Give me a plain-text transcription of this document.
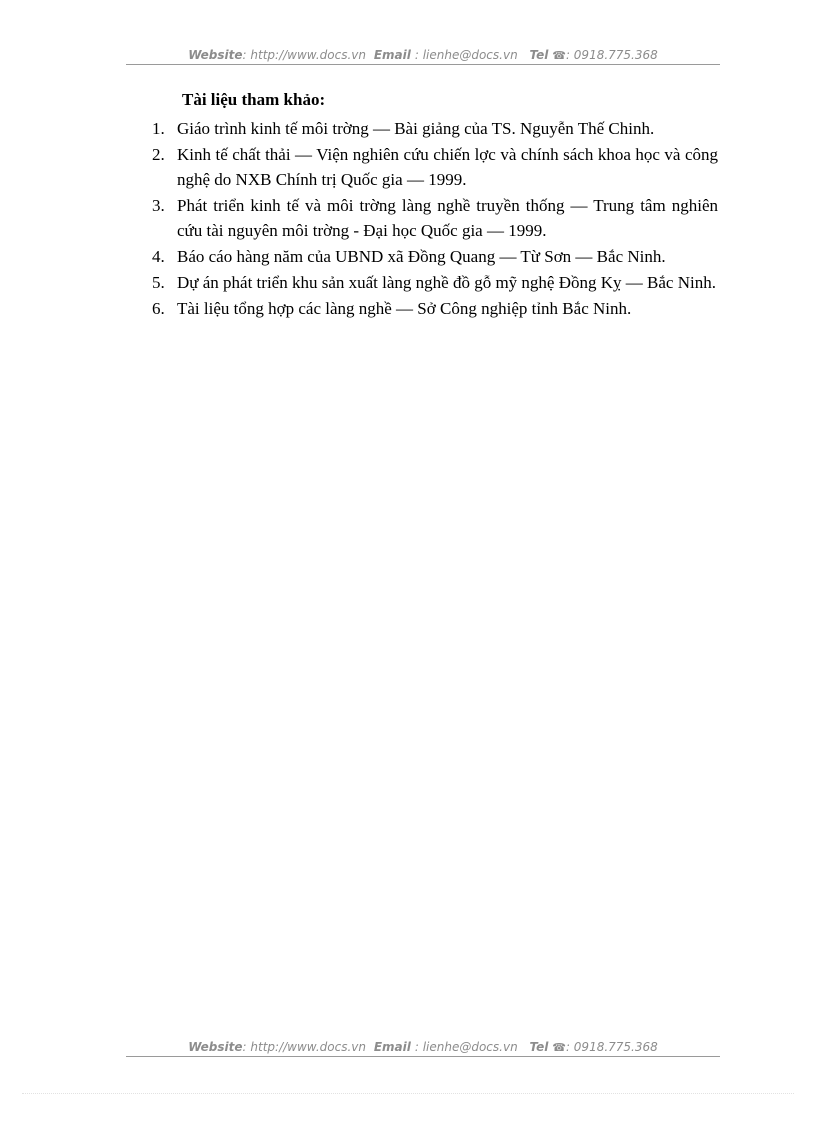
Website: http://www.docs.vn Email : lienhe@docs.vn Tel ☎: 0918.775.368
Tài liệu tham khảo:
1. Giáo trình kinh tế môi trờng — Bài giảng của TS. Nguyễn Thế Chinh.
2. Kinh tế chất thải — Viện nghiên cứu chiến lợc và chính sách khoa học và công nghệ do NXB Chính trị Quốc gia — 1999.
3. Phát triển kinh tế và môi trờng làng nghề truyền thống — Trung tâm nghiên cứu tài nguyên môi trờng - Đại học Quốc gia — 1999.
4. Báo cáo hàng năm của UBND xã Đồng Quang — Từ Sơn — Bắc Ninh.
5. Dự án phát triển khu sản xuất làng nghề đồ gỗ mỹ nghệ Đồng Kỵ — Bắc Ninh.
6. Tài liệu tổng hợp các làng nghề — Sở Công nghiệp tỉnh Bắc Ninh.
Website: http://www.docs.vn Email : lienhe@docs.vn Tel ☎: 0918.775.368
